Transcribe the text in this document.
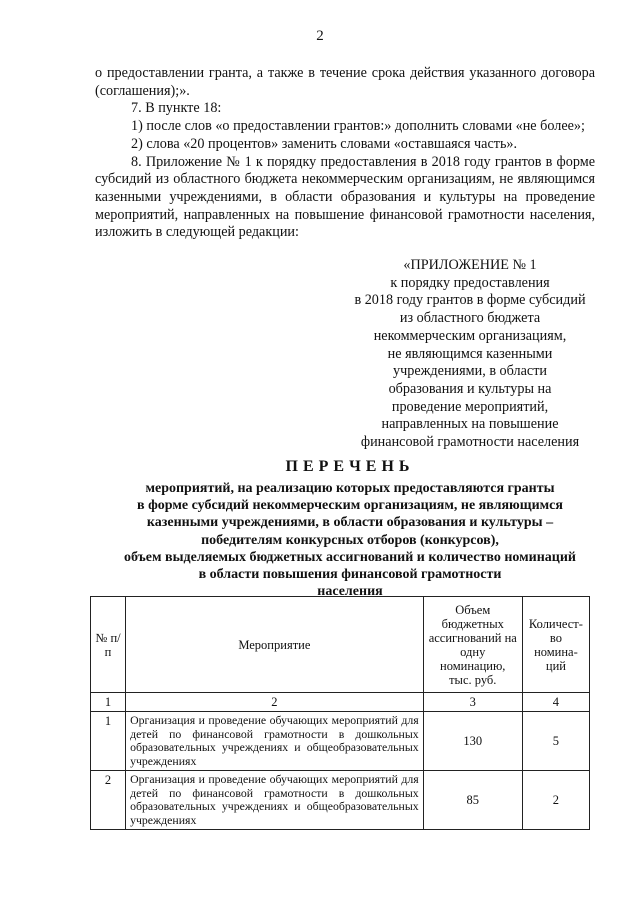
2

о предоставлении гранта, а также в течение срока действия указанного договора (соглашения);».

7. В пункте 18:

1) после слов «о предоставлении грантов:» дополнить словами «не более»;

2) слова «20 процентов» заменить словами «оставшаяся часть».

8. Приложение № 1 к порядку предоставления в 2018 году грантов в форме субсидий из областного бюджета некоммерческим организациям, не являющимся казенными учреждениями, в области образования и культуры на проведение мероприятий, направленных на повышение финансовой грамотности населения, изложить в следующей редакции:

«ПРИЛОЖЕНИЕ № 1
к порядку предоставления
в 2018 году грантов в форме субсидий
из областного бюджета
некоммерческим организациям,
не являющимся казенными
учреждениями, в области
образования и культуры на
проведение мероприятий,
направленных на повышение
финансовой грамотности населения
ПЕРЕЧЕНЬ
мероприятий, на реализацию которых предоставляются гранты
в форме субсидий некоммерческим организациям, не являющимся
казенными учреждениями, в области образования и культуры –
победителям конкурсных отборов (конкурсов),
объем выделяемых бюджетных ассигнований и количество номинаций
в области повышения финансовой грамотности
населения
№ п/п	Мероприятие	Объем бюджетных ассигнований на одну номинацию, тыс. руб.	Количест-во номина-ций
1	2	3	4
1	Организация и проведение обучающих мероприятий для детей по финансовой грамотности в дошкольных образовательных учреждениях и общеобразовательных учреждениях	130	5
2	Организация и проведение обучающих мероприятий для детей по финансовой грамотности в дошкольных образовательных учреждениях и общеобразовательных учреждениях	85	2
